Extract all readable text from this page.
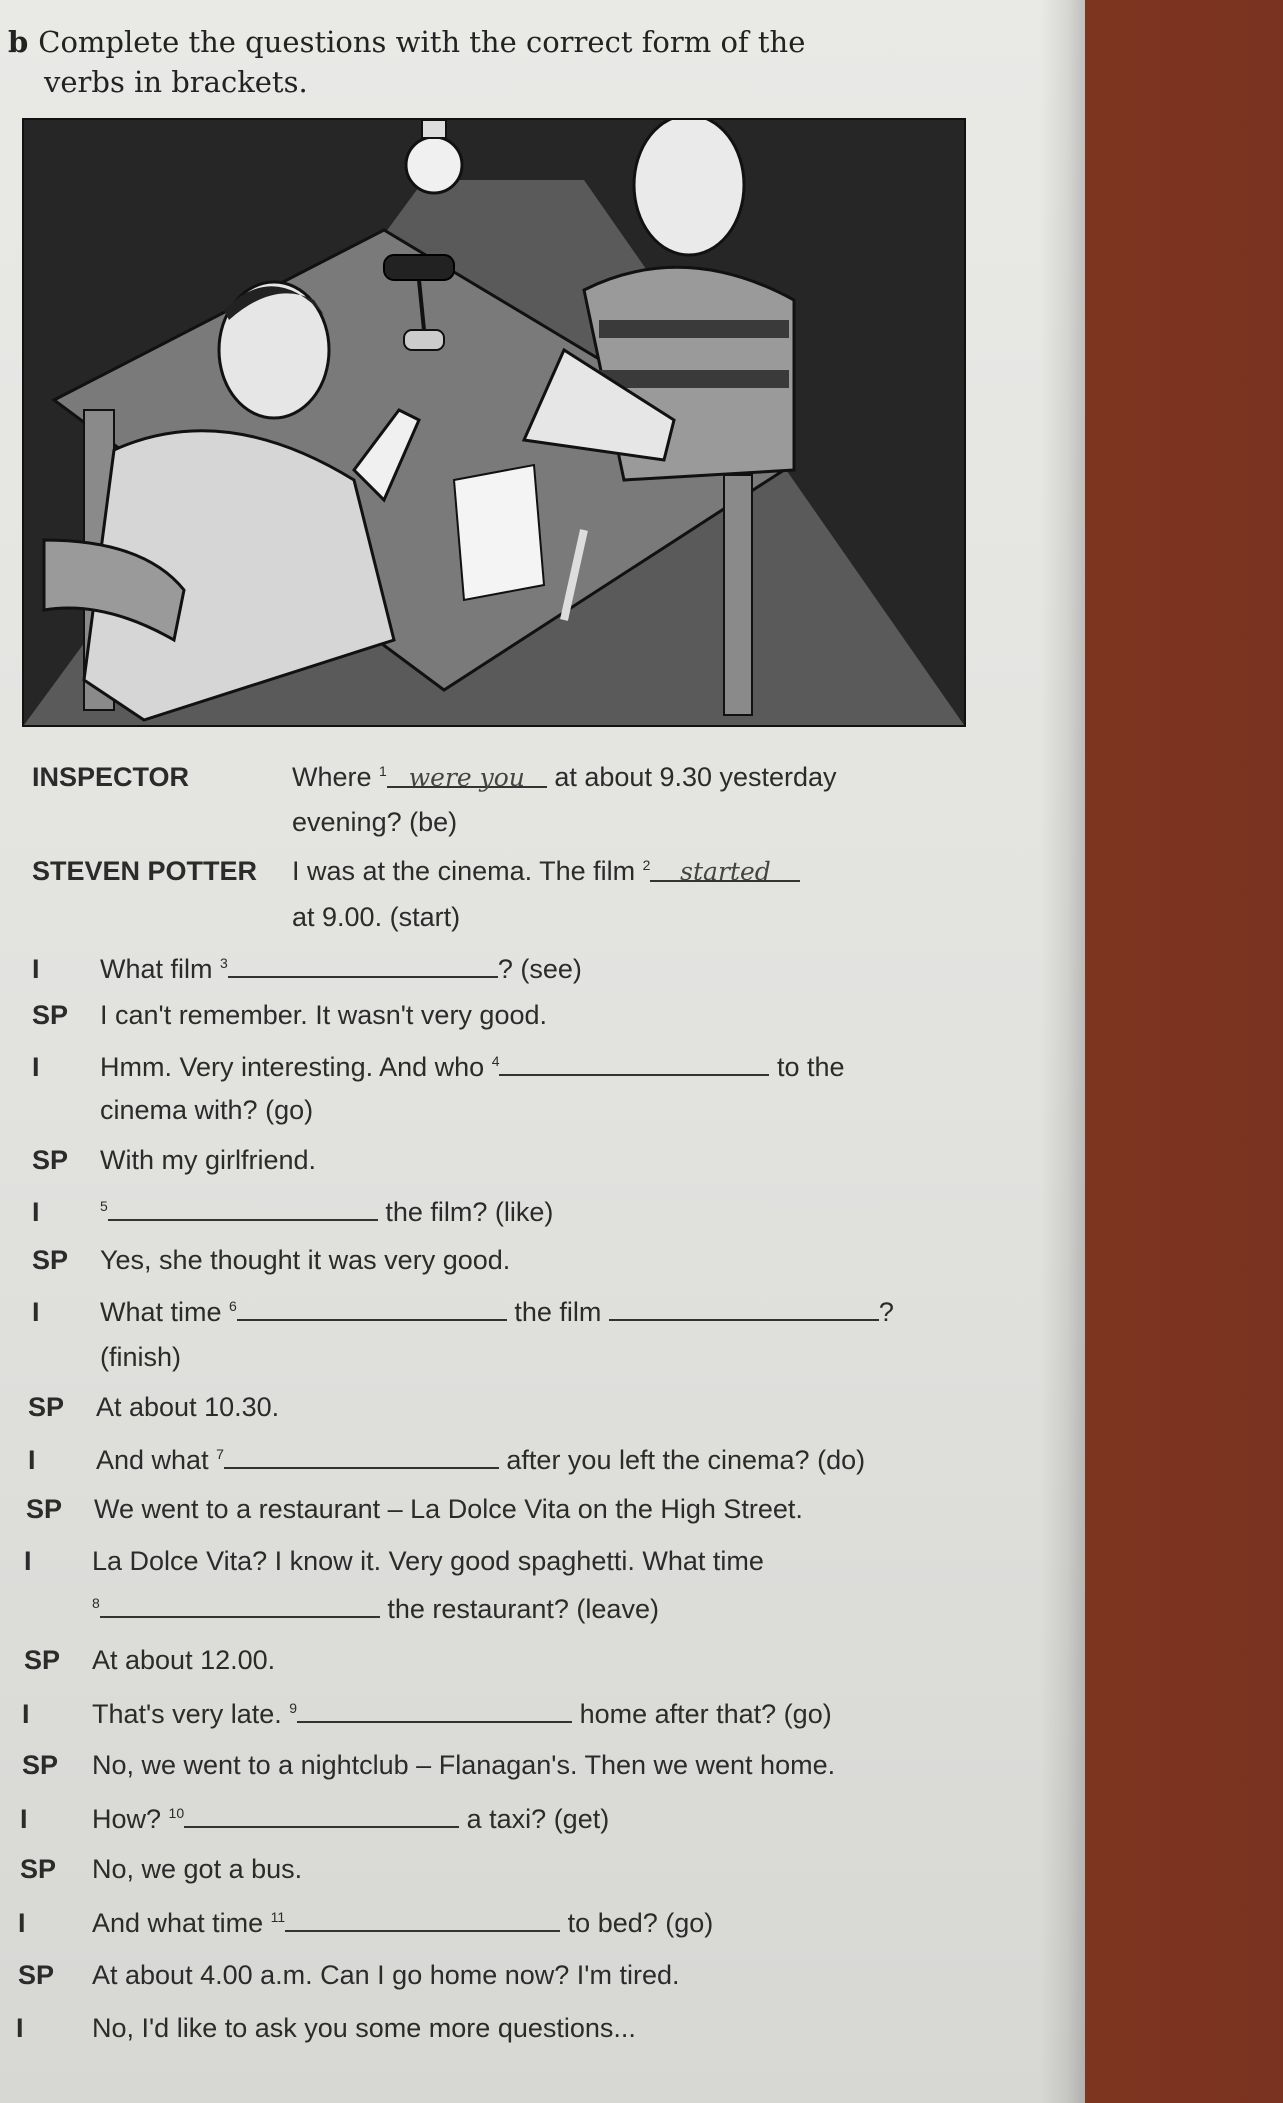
b Complete the questions with the correct form of the
verbs in brackets.
INSPECTOR	Where $^1$ were you at about 9.30 yesterday
evening? (be)
STEVEN POTTER I was at the cinema. The film $^2$ started
at 9.00. (start)
I What film $^3$	? (see)
SP I can't remember. It wasn't very good.
I Hmm. Very interesting. And who $^4$	to the
cinema with? (go)
SP With my girlfriend.
I	$^5$	the film? (like)
SP Yes, she thought it was very good.
I What time $^6$	the film	?
(finish)
SP At about 10.30.
I And what $^7$	after you left the cinema? (do)
SP We went to a restaurant – La Dolce Vita on the High Street.
I La Dolce Vita? I know it. Very good spaghetti. What time
$^8$	the restaurant? (leave)
SP At about 12.00.
I That's very late. $^9$	home after that? (go)
SP No, we went to a nightclub – Flanagan's. Then we went home.
I How? $^{10}$	a taxi? (get)
SP No, we got a bus.
I And what time $^{11}$	to bed? (go)
SP At about 4.00 a.m. Can I go home now? I'm tired.
I	No, I'd like to ask you some more questions...
